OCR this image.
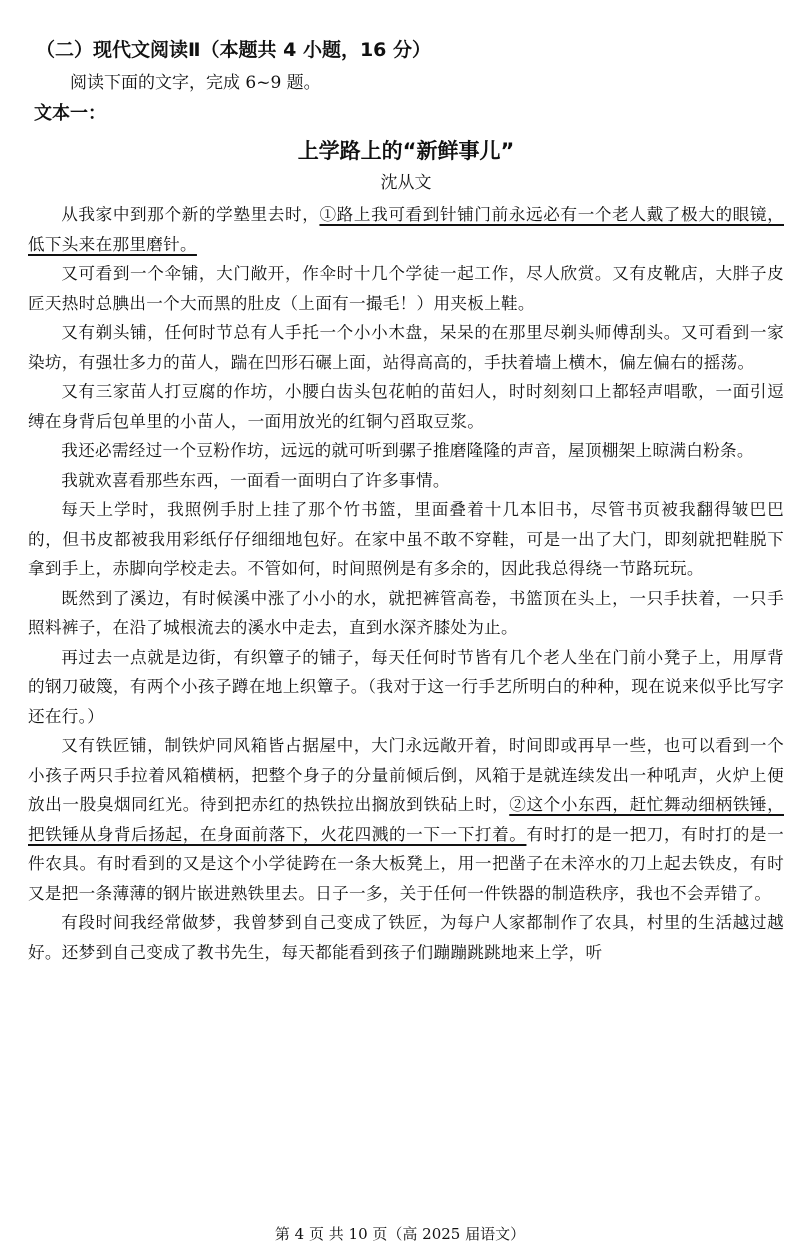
（二）现代文阅读Ⅱ（本题共 4 小题，16 分）
阅读下面的文字，完成 6~9 题。
文本一：
上学路上的“新鲜事儿”
沈从文

从我家中到那个新的学塾里去时，①路上我可看到针铺门前永远必有一个老人戴了极大的眼镜，低下头来在那里磨针。

又可看到一个伞铺，大门敞开，作伞时十几个学徒一起工作，尽人欣赏。又有皮靴店，大胖子皮匠天热时总腆出一个大而黑的肚皮（上面有一撮毛！）用夹板上鞋。

又有剃头铺，任何时节总有人手托一个小小木盘，呆呆的在那里尽剃头师傅刮头。又可看到一家染坊，有强壮多力的苗人，踹在凹形石碾上面，站得高高的，手扶着墙上横木，偏左偏右的摇荡。

又有三家苗人打豆腐的作坊，小腰白齿头包花帕的苗妇人，时时刻刻口上都轻声唱歌，一面引逗缚在身背后包单里的小苗人，一面用放光的红铜勺舀取豆浆。

我还必需经过一个豆粉作坊，远远的就可听到骡子推磨隆隆的声音，屋顶棚架上晾满白粉条。

我就欢喜看那些东西，一面看一面明白了许多事情。

每天上学时，我照例手肘上挂了那个竹书篮，里面叠着十几本旧书，尽管书页被我翻得皱巴巴的，但书皮都被我用彩纸仔仔细细地包好。在家中虽不敢不穿鞋，可是一出了大门，即刻就把鞋脱下拿到手上，赤脚向学校走去。不管如何，时间照例是有多余的，因此我总得绕一节路玩玩。

既然到了溪边，有时候溪中涨了小小的水，就把裤管高卷，书篮顶在头上，一只手扶着，一只手照料裤子，在沿了城根流去的溪水中走去，直到水深齐膝处为止。

再过去一点就是边街，有织簟子的铺子，每天任何时节皆有几个老人坐在门前小凳子上，用厚背的钢刀破篾，有两个小孩子蹲在地上织簟子。（我对于这一行手艺所明白的种种，现在说来似乎比写字还在行。）

又有铁匠铺，制铁炉同风箱皆占据屋中，大门永远敞开着，时间即或再早一些，也可以看到一个小孩子两只手拉着风箱横柄，把整个身子的分量前倾后倒，风箱于是就连续发出一种吼声，火炉上便放出一股臭烟同红光。待到把赤红的热铁拉出搁放到铁砧上时，②这个小东西，赶忙舞动细柄铁锤，把铁锤从身背后扬起，在身面前落下，火花四溅的一下一下打着。有时打的是一把刀，有时打的是一件农具。有时看到的又是这个小学徒跨在一条大板凳上，用一把凿子在未淬水的刀上起去铁皮，有时又是把一条薄薄的钢片嵌进熟铁里去。日子一多，关于任何一件铁器的制造秩序，我也不会弄错了。

有段时间我经常做梦，我曾梦到自己变成了铁匠，为每户人家都制作了农具，村里的生活越过越好。还梦到自己变成了教书先生，每天都能看到孩子们蹦蹦跳跳地来上学，听

第 4 页 共 10 页（高 2025 届语文）
